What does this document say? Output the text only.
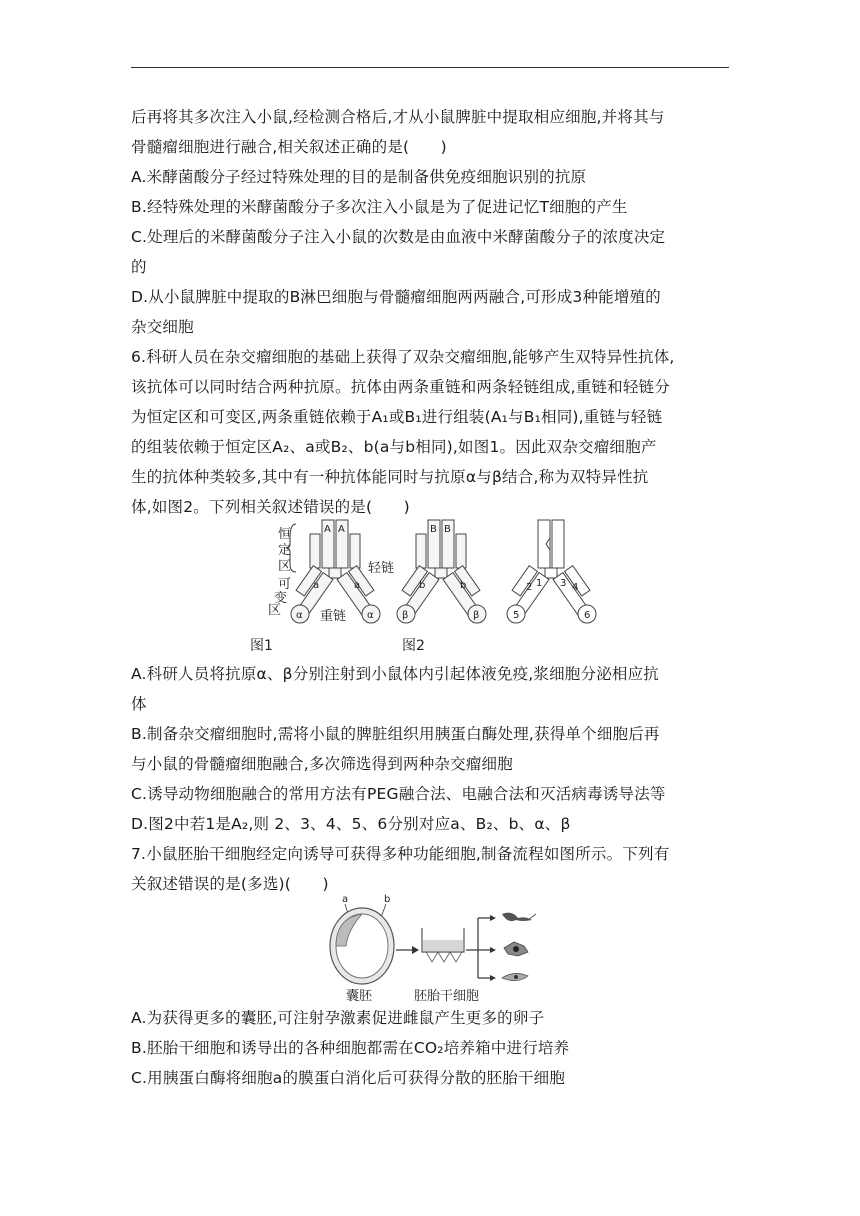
后再将其多次注入小鼠,经检测合格后,才从小鼠脾脏中提取相应细胞,并将其与
骨髓瘤细胞进行融合,相关叙述正确的是(　　)
A.米酵菌酸分子经过特殊处理的目的是制备供免疫细胞识别的抗原
B.经特殊处理的米酵菌酸分子多次注入小鼠是为了促进记忆T细胞的产生
C.处理后的米酵菌酸分子注入小鼠的次数是由血液中米酵菌酸分子的浓度决定
的
D.从小鼠脾脏中提取的B淋巴细胞与骨髓瘤细胞两两融合,可形成3种能增殖的
杂交细胞
6.科研人员在杂交瘤细胞的基础上获得了双杂交瘤细胞,能够产生双特异性抗体,
该抗体可以同时结合两种抗原。抗体由两条重链和两条轻链组成,重链和轻链分
为恒定区和可变区,两条重链依赖于A₁或B₁进行组装(A₁与B₁相同),重链与轻链
的组装依赖于恒定区A₂、a或B₂、b(a与b相同),如图1。因此双杂交瘤细胞产
生的抗体种类较多,其中有一种抗体能同时与抗原α与β结合,称为双特异性抗
体,如图2。下列相关叙述错误的是(　　)
恒
定
区
可
变
区
A A
a	a
α	α
轻链
重链
B B
b	b
β	β
1
2	3 4
5	6
图1	图2
A.科研人员将抗原α、β分别注射到小鼠体内引起体液免疫,浆细胞分泌相应抗
体
B.制备杂交瘤细胞时,需将小鼠的脾脏组织用胰蛋白酶处理,获得单个细胞后再
与小鼠的骨髓瘤细胞融合,多次筛选得到两种杂交瘤细胞
C.诱导动物细胞融合的常用方法有PEG融合法、电融合法和灭活病毒诱导法等
D.图2中若1是A₂,则 2、3、4、5、6分别对应a、B₂、b、α、β
7.小鼠胚胎干细胞经定向诱导可获得多种功能细胞,制备流程如图所示。下列有
关叙述错误的是(多选)(　　)
a	b
囊胚	胚胎干细胞
A.为获得更多的囊胚,可注射孕激素促进雌鼠产生更多的卵子
B.胚胎干细胞和诱导出的各种细胞都需在CO₂培养箱中进行培养
C.用胰蛋白酶将细胞a的膜蛋白消化后可获得分散的胚胎干细胞
